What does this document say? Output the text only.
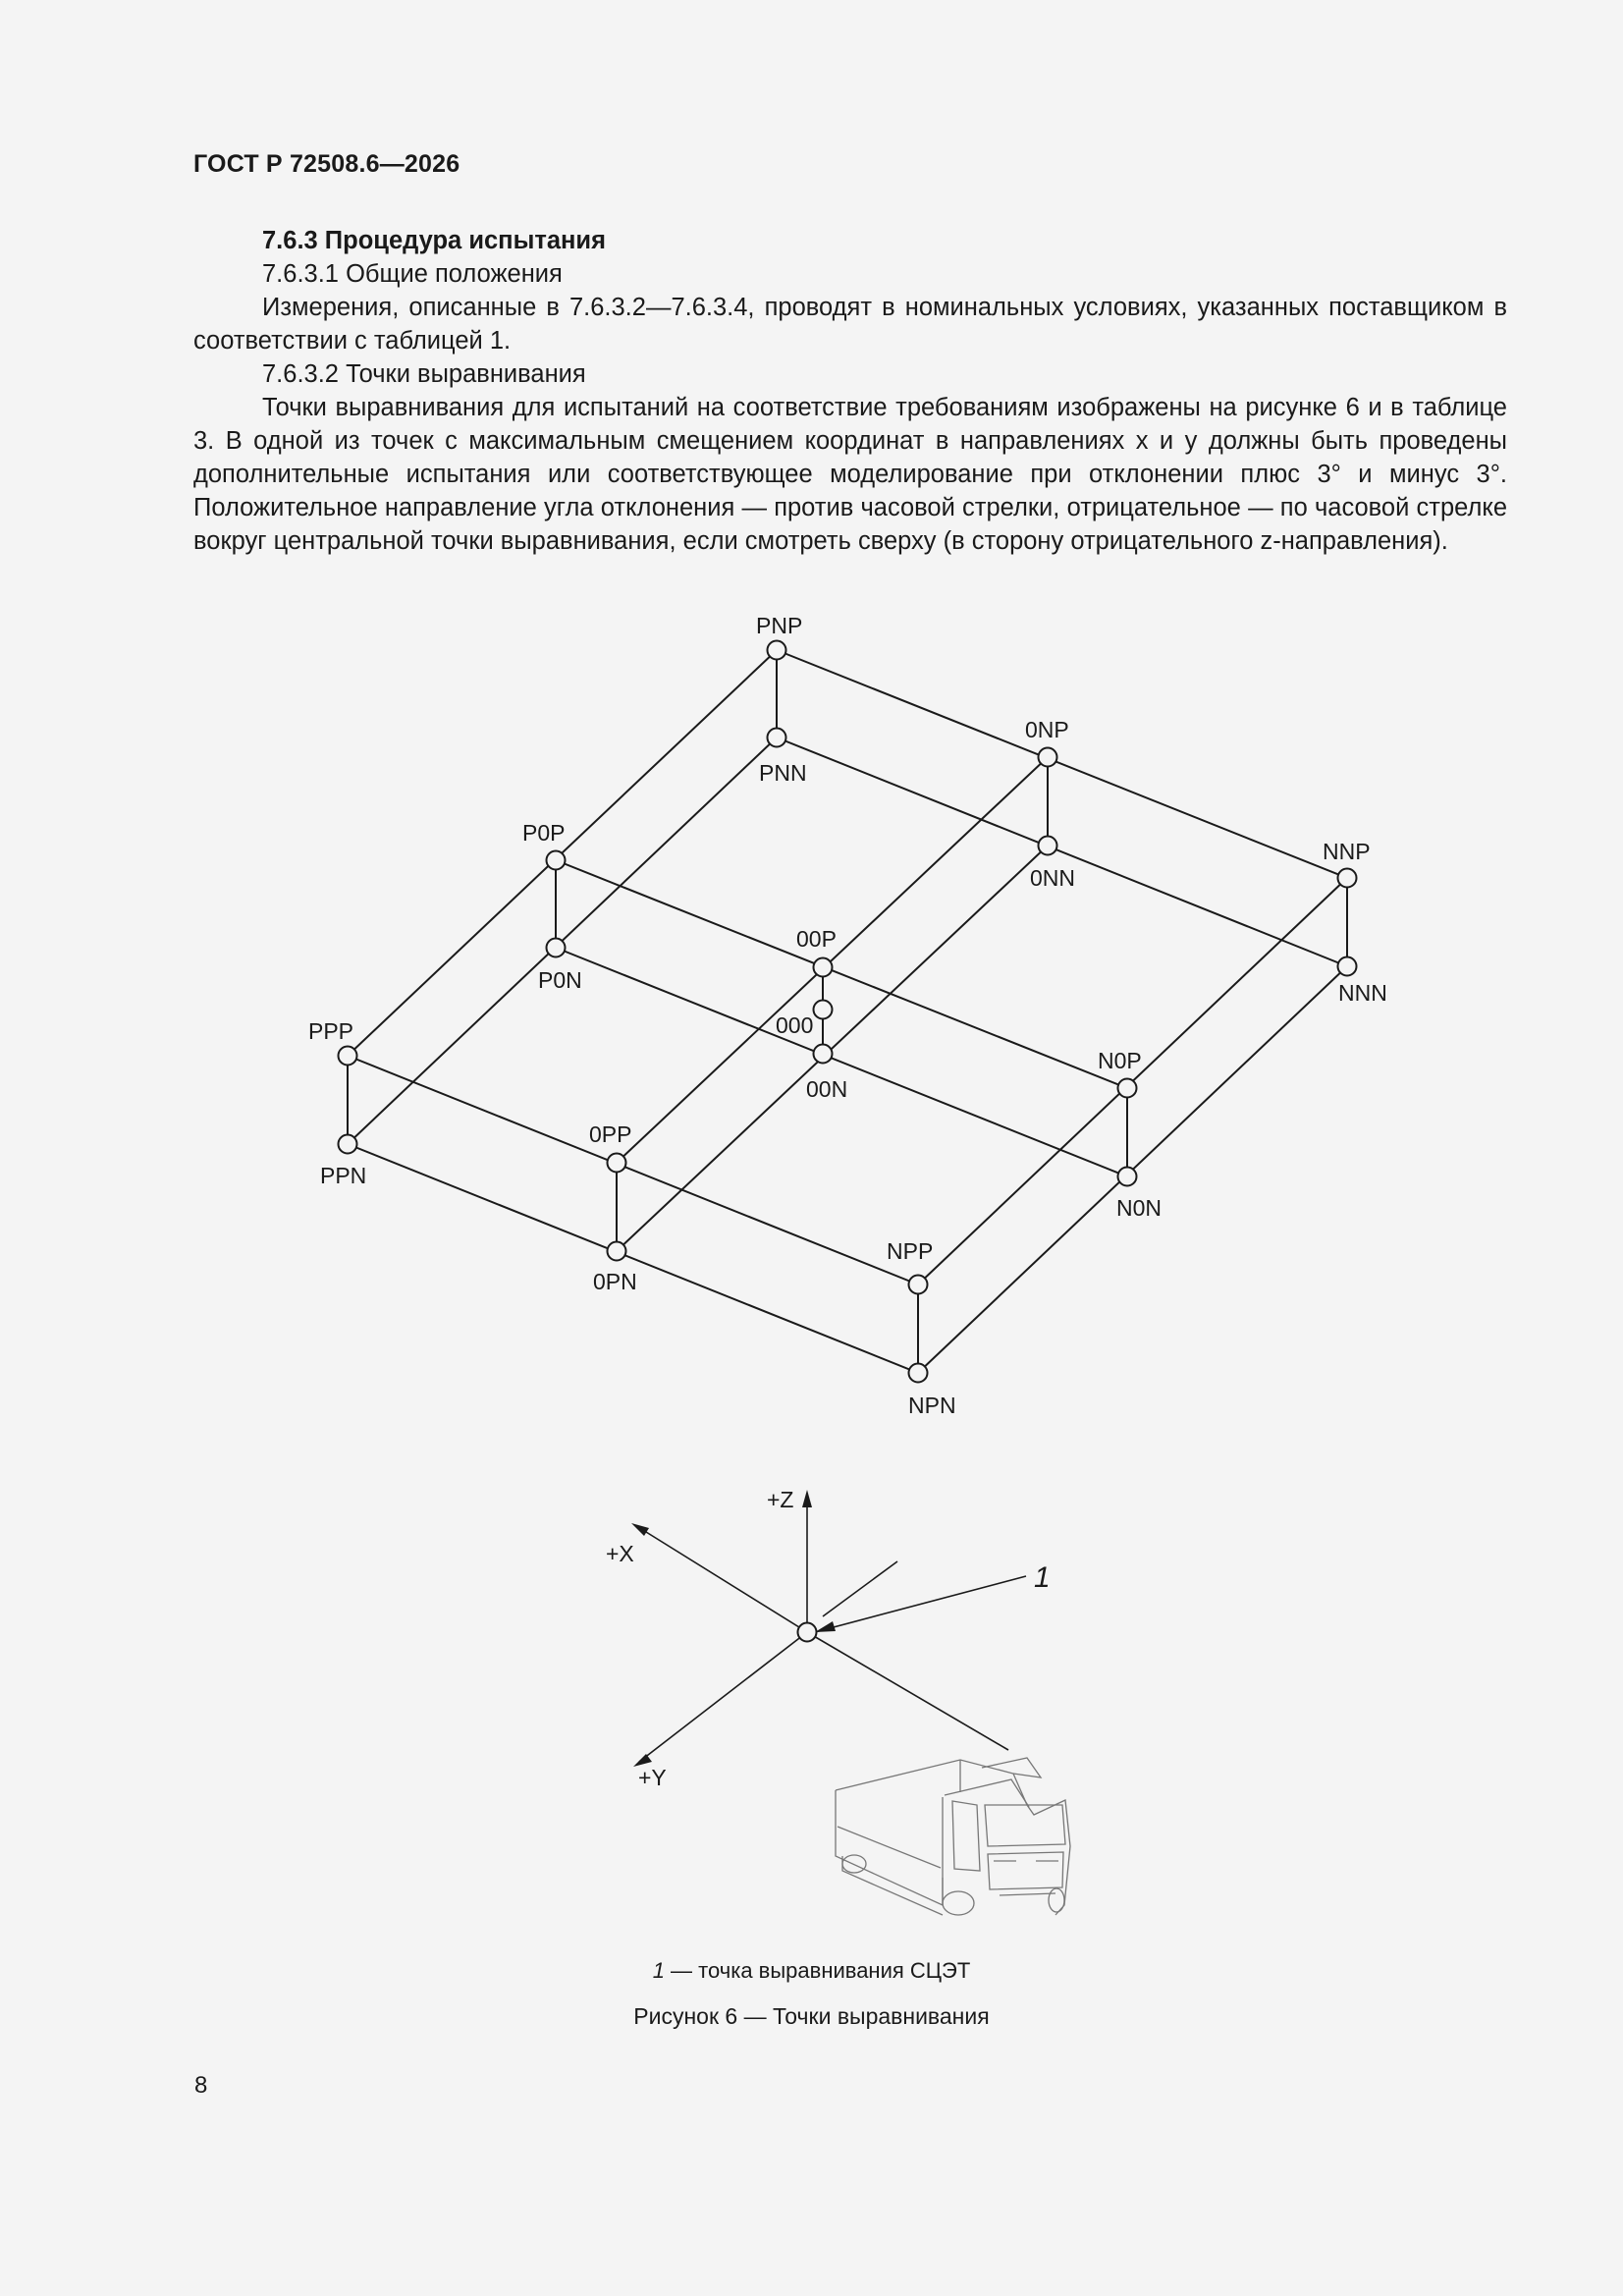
ГОСТ Р 72508.6—2026

7.6.3 Процедура испытания

7.6.3.1 Общие положения

Измерения, описанные в 7.6.3.2—7.6.3.4, проводят в номинальных условиях, указанных поставщиком в соответствии с таблицей 1.

7.6.3.2 Точки выравнивания

Точки выравнивания для испытаний на соответствие требованиям изображены на рисунке 6 и в таблице 3. В одной из точек с максимальным смещением координат в направлениях x и y должны быть проведены дополнительные испытания или соответствующее моделирование при отклонении плюс 3° и минус 3°. Положительное направление угла отклонения — против часовой стрелки, отрицательное — по часовой стрелке вокруг центральной точки выравнивания, если смотреть сверху (в сторону отрицательного z-направления).

PNP
PNN
0NP
0NN
NNP
NNN
P0P
P0N
00P
000
00N
N0P
N0N
PPP
PPN
0PP
0PN
NPP
NPN
+Z
+X
+Y
1
1 — точка выравнивания СЦЭТ
Рисунок 6 — Точки выравнивания
8
